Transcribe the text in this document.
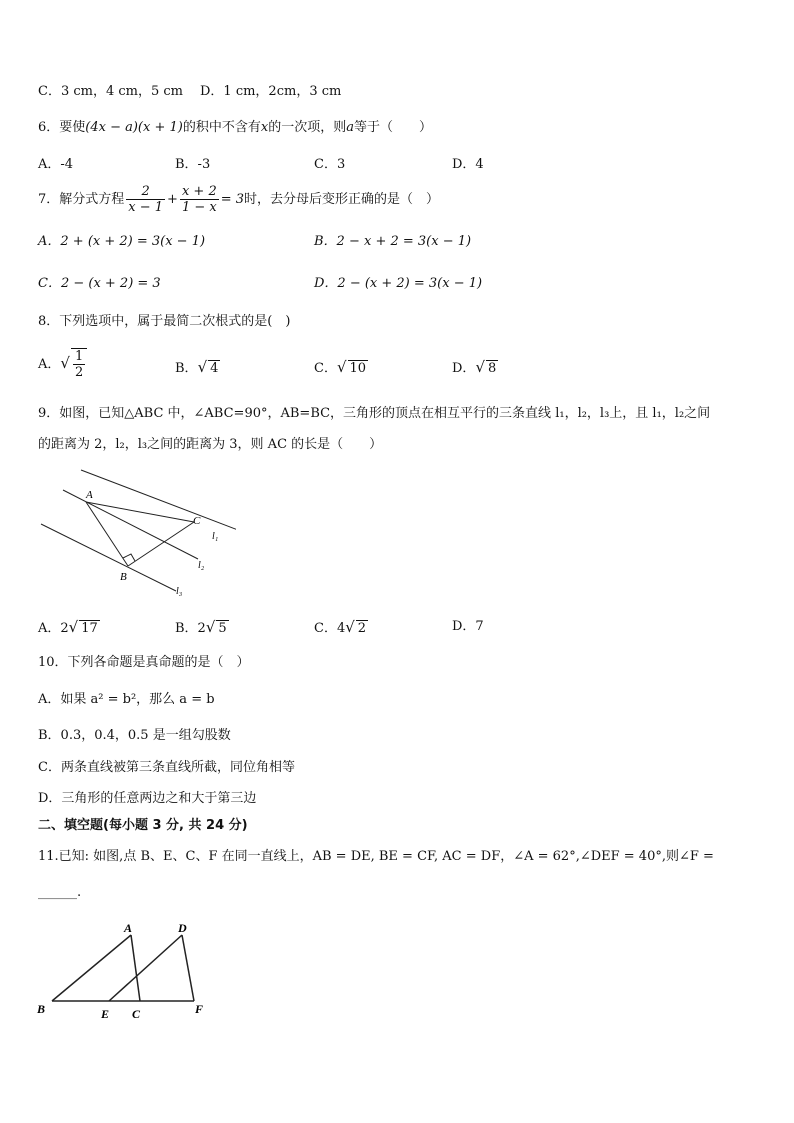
C．3 cm，4 cm，5 cm D．1 cm，2cm，3 cm
6．要使(4x − a)(x + 1)的积中不含有x的一次项，则a等于（　　）
A．-4	B．-3	C．3	D．4
7．解分式方程 $\frac{2}{x - 1} + \frac{x + 2}{1 - x} = 3$时，去分母后变形正确的是（　）
A．2 + (x + 2) = 3(x − 1)	B．2 − x + 2 = 3(x − 1)
C．2 − (x + 2) = 3	D．2 − (x + 2) = 3(x − 1)
8．下列选项中，属于最简二次根式的是(　)
A．√ $\frac{1}{2}$	B．√ 4	C．√ 10	D．√ 8
9．如图，已知△ABC 中，∠ABC=90°，AB=BC，三角形的顶点在相互平行的三条直线 l₁，l₂，l₃上，且 l₁，l₂之间
的距离为 2，l₂，l₃之间的距离为 3，则 AC 的长是（　　）
A
B
C
l₁
l₂
l₃
A．2√ 17	B．2√ 5	C．4√ 2	D．7
10．下列各命题是真命题的是（　）
A．如果 a² = b²，那么 a = b
B．0.3，0.4，0.5 是一组勾股数
C．两条直线被第三条直线所截，同位角相等
D．三角形的任意两边之和大于第三边
二、填空题(每小题 3 分, 共 24 分)
11.已知: 如图,点 B、E、C、F 在同一直线上，AB = DE, BE = CF, AC = DF，∠A = 62°,∠DEF = 40°,则∠F =
______.
A
B	C
D
E	F
